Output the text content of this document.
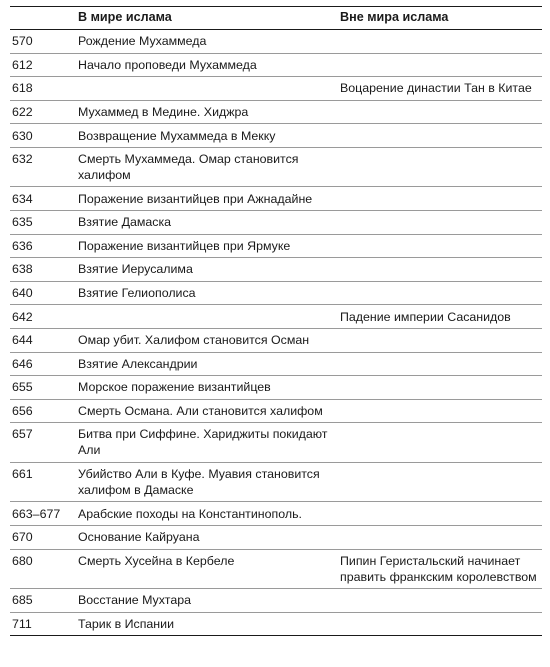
	В мире ислама	Вне мира ислама
570	Рождение Мухаммеда	
612	Начало проповеди Мухаммеда	
618		Воцарение династии Тан в Китае
622	Мухаммед в Медине. Хиджра	
630	Возвращение Мухаммеда в Мекку	
632	Смерть Мухаммеда. Омар становится халифом	
634	Поражение византийцев при Ажнадайне	
635	Взятие Дамаска	
636	Поражение византийцев при Ярмуке	
638	Взятие Иерусалима	
640	Взятие Гелиополиса	
642		Падение империи Сасанидов
644	Омар убит. Халифом становится Осман	
646	Взятие Александрии	
655	Морское поражение византийцев	
656	Смерть Османа. Али становится халифом	
657	Битва при Сиффине. Хариджиты покидают Али	
661	Убийство Али в Куфе. Муавия становится халифом в Дамаске	
663–677	Арабские походы на Константинополь.	
670	Основание Кайруана	
680	Смерть Хусейна в Кербеле	Пипин Геристальский начинает править франкским королевством
685	Восстание Мухтара	
711	Тарик в Испании	
